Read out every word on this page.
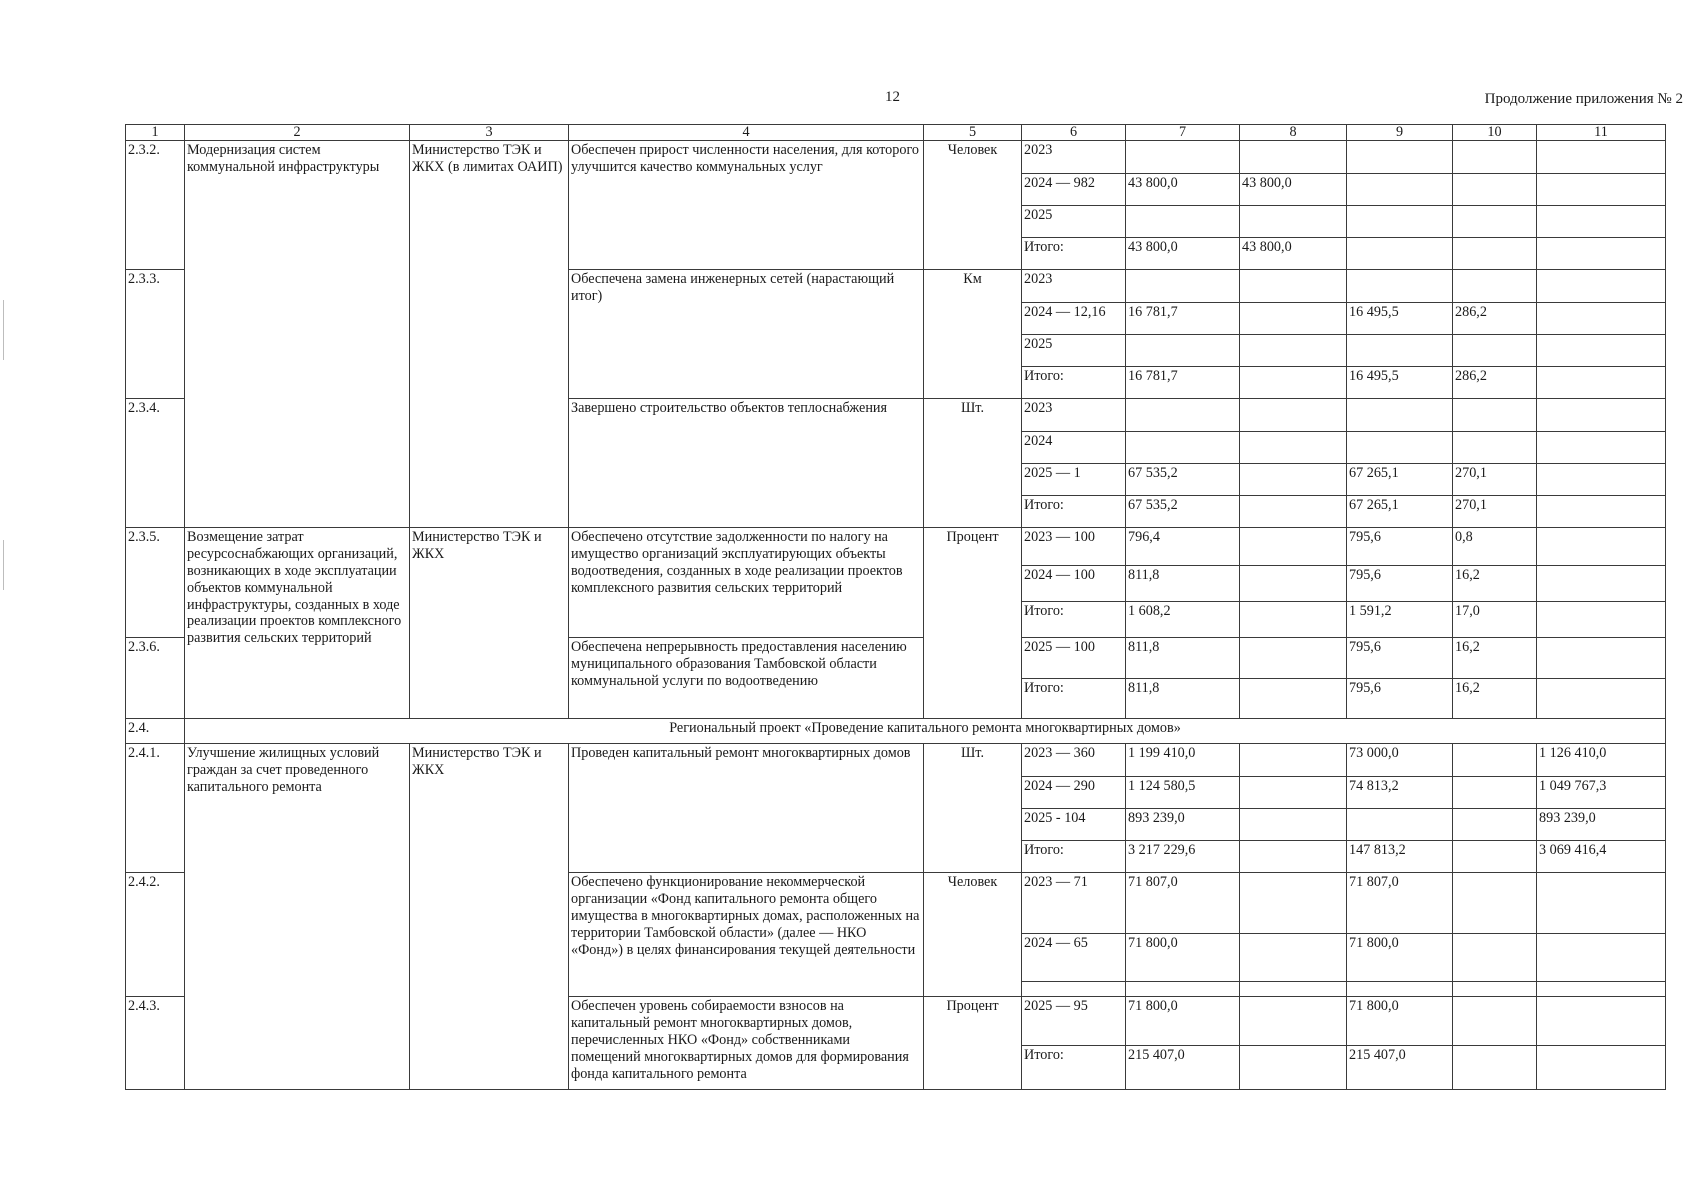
12	Продолжение приложения № 2
1	2	3	4	5	6	7	8	9	10	11
2.3.2.	Модернизация систем коммунальной инфраструктуры	Министерство ТЭК и ЖКХ (в лимитах ОАИП)	Обеспечен прирост численности населения, для которого улучшится качество коммунальных услуг	Человек	2023					
					2024 — 982	43 800,0	43 800,0			
					2025					
					Итого:	43 800,0	43 800,0			
2.3.3.			Обеспечена замена инженерных сетей (нарастающий итог)	Км	2023					
					2024 — 12,16	16 781,7		16 495,5	286,2	
					2025					
					Итого:	16 781,7		16 495,5	286,2	
2.3.4.			Завершено строительство объектов теплоснабжения	Шт.	2023					
					2024					
					2025 — 1	67 535,2		67 265,1	270,1	
					Итого:	67 535,2		67 265,1	270,1	
2.3.5.	Возмещение затрат ресурсоснабжающих организаций, возникающих в ходе эксплуатации объектов коммунальной инфраструктуры, созданных в ходе реализации проектов комплексного развития сельских территорий	Министерство ТЭК и ЖКХ	Обеспечено отсутствие задолженности по налогу на имущество организаций эксплуатирующих объекты водоотведения, созданных в ходе реализации проектов комплексного развития сельских территорий	Процент	2023 — 100	796,4		795,6	0,8	
					2024 — 100	811,8		795,6	16,2	
					Итого:	1 608,2		1 591,2	17,0	
2.3.6.			Обеспечена непрерывность предоставления населению муниципального образования Тамбовской области коммунальной услуги по водоотведению		2025 — 100	811,8		795,6	16,2	
					Итого:	811,8		795,6	16,2	
2.4.	Региональный проект «Проведение капитального ремонта многоквартирных домов»									
2.4.1.	Улучшение жилищных условий граждан за счет проведенного капитального ремонта	Министерство ТЭК и ЖКХ	Проведен капитальный ремонт многоквартирных домов	Шт.	2023 — 360	1 199 410,0		73 000,0		1 126 410,0
					2024 — 290	1 124 580,5		74 813,2		1 049 767,3
					2025 - 104	893 239,0				893 239,0
					Итого:	3 217 229,6		147 813,2		3 069 416,4
2.4.2.			Обеспечено функционирование некоммерческой организации «Фонд капитального ремонта общего имущества в многоквартирных домах, расположенных на территории Тамбовской области» (далее — НКО «Фонд») в целях финансирования текущей деятельности	Человек	2023 — 71	71 807,0		71 807,0		
					2024 — 65	71 800,0		71 800,0		

2.4.3.			Обеспечен уровень собираемости взносов на капитальный ремонт многоквартирных домов, перечисленных НКО «Фонд» собственниками помещений многоквартирных домов для формирования фонда капитального ремонта	Процент	2025 — 95	71 800,0		71 800,0		
					Итого:	215 407,0		215 407,0		
